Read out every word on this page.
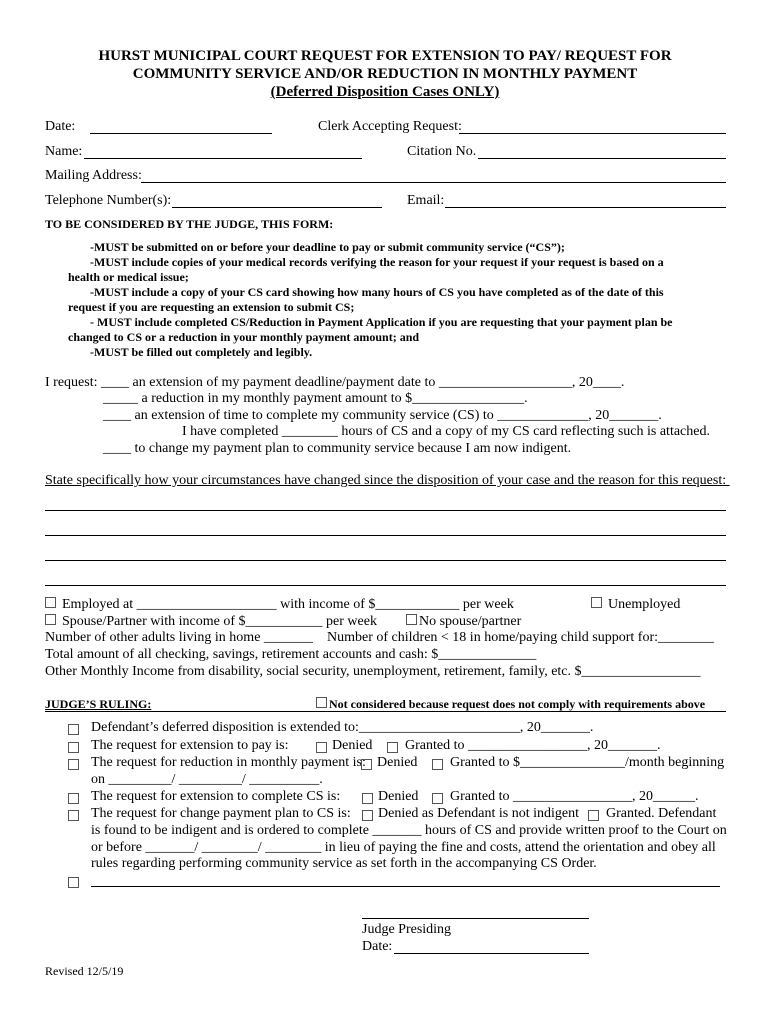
HURST MUNICIPAL COURT REQUEST FOR EXTENSION TO PAY/ REQUEST FOR
COMMUNITY SERVICE AND/OR REDUCTION IN MONTHLY PAYMENT
(Deferred Disposition Cases ONLY)
Date:	Clerk Accepting Request:
Name:	Citation No.
Mailing Address:
Telephone Number(s):	Email:
TO BE CONSIDERED BY THE JUDGE, THIS FORM:
-MUST be submitted on or before your deadline to pay or submit community service (“CS”);
-MUST include copies of your medical records verifying the reason for your request if your request is based on a
health or medical issue;
-MUST include a copy of your CS card showing how many hours of CS you have completed as of the date of this
request if you are requesting an extension to submit CS;
- MUST include completed CS/Reduction in Payment Application if you are requesting that your payment plan be
changed to CS or a reduction in your monthly payment amount; and
-MUST be filled out completely and legibly.
I request: ____ an extension of my payment deadline/payment date to ___________________, 20____.
_____ a reduction in my monthly payment amount to $________________.
____ an extension of time to complete my community service (CS) to _____________, 20_______.
I have completed ________ hours of CS and a copy of my CS card reflecting such is attached.
____ to change my payment plan to community service because I am now indigent.
State specifically how your circumstances have changed since the disposition of your case and the reason for this request:
Employed at ____________________ with income of $____________ per week	Unemployed
Spouse/Partner with income of $___________ per week	No spouse/partner
Number of other adults living in home _______ Number of children < 18 in home/paying child support for:________
Total amount of all checking, savings, retirement accounts and cash: $______________
Other Monthly Income from disability, social security, unemployment, retirement, family, etc. $_________________
JUDGE’S RULING:	Not considered because request does not comply with requirements above
Defendant’s deferred disposition is extended to:_______________________, 20_______.
The request for extension to pay is:	Denied Granted to _________________, 20_______.
The request for reduction in monthly payment is: Denied Granted to $_______________/month beginning
on _________/ _________/ __________.
The request for extension to complete CS is:	Denied Granted to _________________, 20______.
The request for change payment plan to CS is: Denied as Defendant is not indigent Granted. Defendant
is found to be indigent and is ordered to complete _______ hours of CS and provide written proof to the Court on
or before _______/ ________/ ________ in lieu of paying the fine and costs, attend the orientation and obey all
rules regarding performing community service as set forth in the accompanying CS Order.
Judge Presiding
Date:
Revised 12/5/19
